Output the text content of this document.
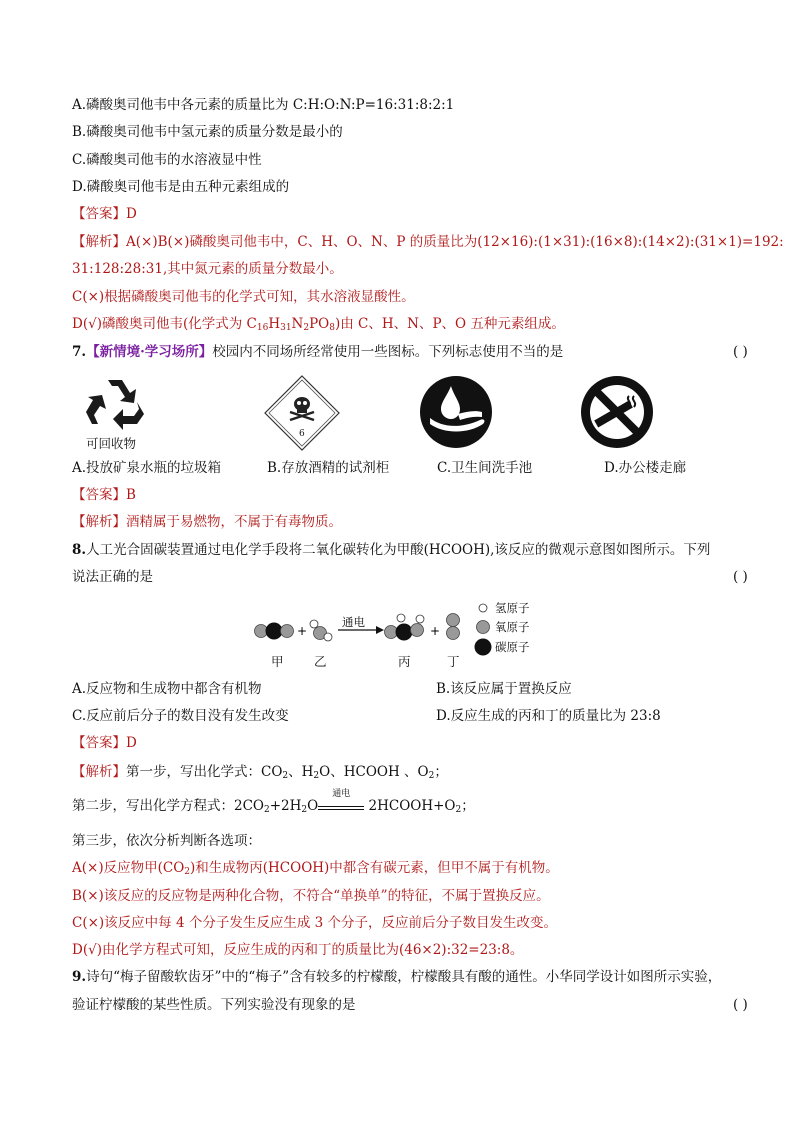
A.磷酸奥司他韦中各元素的质量比为 C:H:O:N:P=16:31:8:2:1
B.磷酸奥司他韦中氢元素的质量分数是最小的
C.磷酸奥司他韦的水溶液显中性
D.磷酸奥司他韦是由五种元素组成的
【答案】D
【解析】A(×)B(×)磷酸奥司他韦中，C、H、O、N、P 的质量比为(12×16):(1×31):(16×8):(14×2):(31×1)=192:
31:128:28:31,其中氮元素的质量分数最小。
C(×)根据磷酸奥司他韦的化学式可知，其水溶液显酸性。
D(√)磷酸奥司他韦(化学式为 $C_{16}H_{31}N_2PO_8$)由 C、H、N、P、O 五种元素组成。
7.【新情境·学习场所】校园内不同场所经常使用一些图标。下列标志使用不当的是	( )
可回收物
6
A.投放矿泉水瓶的垃圾箱	B.存放酒精的试剂柜	C.卫生间洗手池	D.办公楼走廊
【答案】B
【解析】酒精属于易燃物，不属于有毒物质。
8.人工光合固碳装置通过电化学手段将二氧化碳转化为甲酸(HCOOH),该反应的微观示意图如图所示。下列
说法正确的是	( )
+	+
通电
甲 乙	丙	丁
氢原子
氧原子
碳原子
A.反应物和生成物中都含有机物	B.该反应属于置换反应
C.反应前后分子的数目没有发生改变	D.反应生成的丙和丁的质量比为 23:8
【答案】D
【解析】第一步，写出化学式：$CO_2$、$H_2O$、HCOOH 、$O_2$；
第二步，写出化学方程式：$2CO_2+2H_2O$
通电
$2HCOOH+O_2$；
第三步，依次分析判断各选项：
A(×)反应物甲$(CO_2)$和生成物丙(HCOOH)中都含有碳元素，但甲不属于有机物。
B(×)该反应的反应物是两种化合物，不符合“单换单”的特征，不属于置换反应。
C(×)该反应中每 4 个分子发生反应生成 3 个分子，反应前后分子数目发生改变。
D(√)由化学方程式可知，反应生成的丙和丁的质量比为(46×2):32=23:8。
9.诗句“梅子留酸软齿牙”中的“梅子”含有较多的柠檬酸，柠檬酸具有酸的通性。小华同学设计如图所示实验，
验证柠檬酸的某些性质。下列实验没有现象的是	( )
